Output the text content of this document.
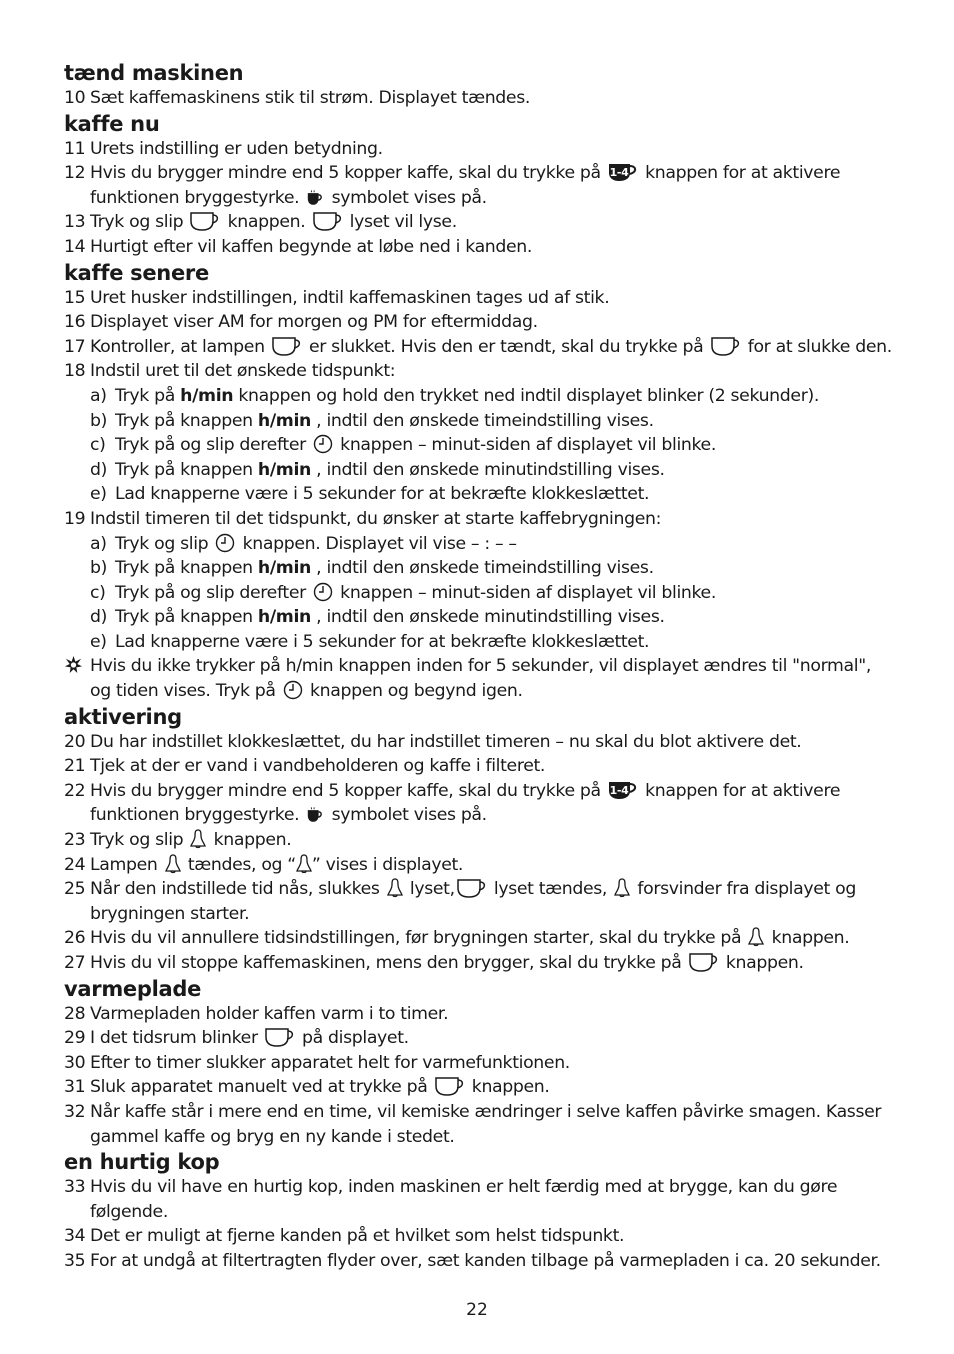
tænd maskinen
10 Sæt kaffemaskinens stik til strøm. Displayet tændes.
kaffe nu
11 Urets indstilling er uden betydning.
12 Hvis du brygger mindre end 5 kopper kaffe, skal du trykke på	knappen for at aktivere
funktionen bryggestyrke. symbolet vises på.
13 Tryk og slip	knappen.	lyset vil lyse.
14 Hurtigt efter vil kaffen begynde at løbe ned i kanden.
kaffe senere
15 Uret husker indstillingen, indtil kaffemaskinen tages ud af stik.
16 Displayet viser AM for morgen og PM for eftermiddag.
17 Kontroller, at lampen	er slukket. Hvis den er tændt, skal du trykke på	for at slukke den.
18 Indstil uret til det ønskede tidspunkt:
a) Tryk på h/min knappen og hold den trykket ned indtil displayet blinker (2 sekunder).
b) Tryk på knappen h/min , indtil den ønskede timeindstilling vises.
c) Tryk på og slip derefter knappen – minut-siden af displayet vil blinke.
d) Tryk på knappen h/min , indtil den ønskede minutindstilling vises.
e) Lad knapperne være i 5 sekunder for at bekræfte klokkeslættet.
19 Indstil timeren til det tidspunkt, du ønsker at starte kaffebrygningen:
a) Tryk og slip knappen. Displayet vil vise – : – –
b) Tryk på knappen h/min , indtil den ønskede timeindstilling vises.
c) Tryk på og slip derefter knappen – minut-siden af displayet vil blinke.
d) Tryk på knappen h/min , indtil den ønskede minutindstilling vises.
e) Lad knapperne være i 5 sekunder for at bekræfte klokkeslættet.
Hvis du ikke trykker på h/min knappen inden for 5 sekunder, vil displayet ændres til "normal",
og tiden vises. Tryk på knappen og begynd igen.
aktivering
20 Du har indstillet klokkeslættet, du har indstillet timeren – nu skal du blot aktivere det.
21 Tjek at der er vand i vandbeholderen og kaffe i filteret.
22 Hvis du brygger mindre end 5 kopper kaffe, skal du trykke på	knappen for at aktivere
funktionen bryggestyrke. symbolet vises på.
23 Tryk og slip knappen.
24 Lampen tændes, og “ ” vises i displayet.
25 Når den indstillede tid nås, slukkes lyset, lyset tændes, forsvinder fra displayet og
brygningen starter.
26 Hvis du vil annullere tidsindstillingen, før brygningen starter, skal du trykke på knappen.
27 Hvis du vil stoppe kaffemaskinen, mens den brygger, skal du trykke på	knappen.
varmeplade
28 Varmepladen holder kaffen varm i to timer.
29 I det tidsrum blinker	på displayet.
30 Efter to timer slukker apparatet helt for varmefunktionen.
31 Sluk apparatet manuelt ved at trykke på	knappen.
32 Når kaffe står i mere end en time, vil kemiske ændringer i selve kaffen påvirke smagen. Kasser
gammel kaffe og bryg en ny kande i stedet.
en hurtig kop
33 Hvis du vil have en hurtig kop, inden maskinen er helt færdig med at brygge, kan du gøre
følgende.
34 Det er muligt at fjerne kanden på et hvilket som helst tidspunkt.
35 For at undgå at filtertragten flyder over, sæt kanden tilbage på varmepladen i ca. 20 sekunder.
22
